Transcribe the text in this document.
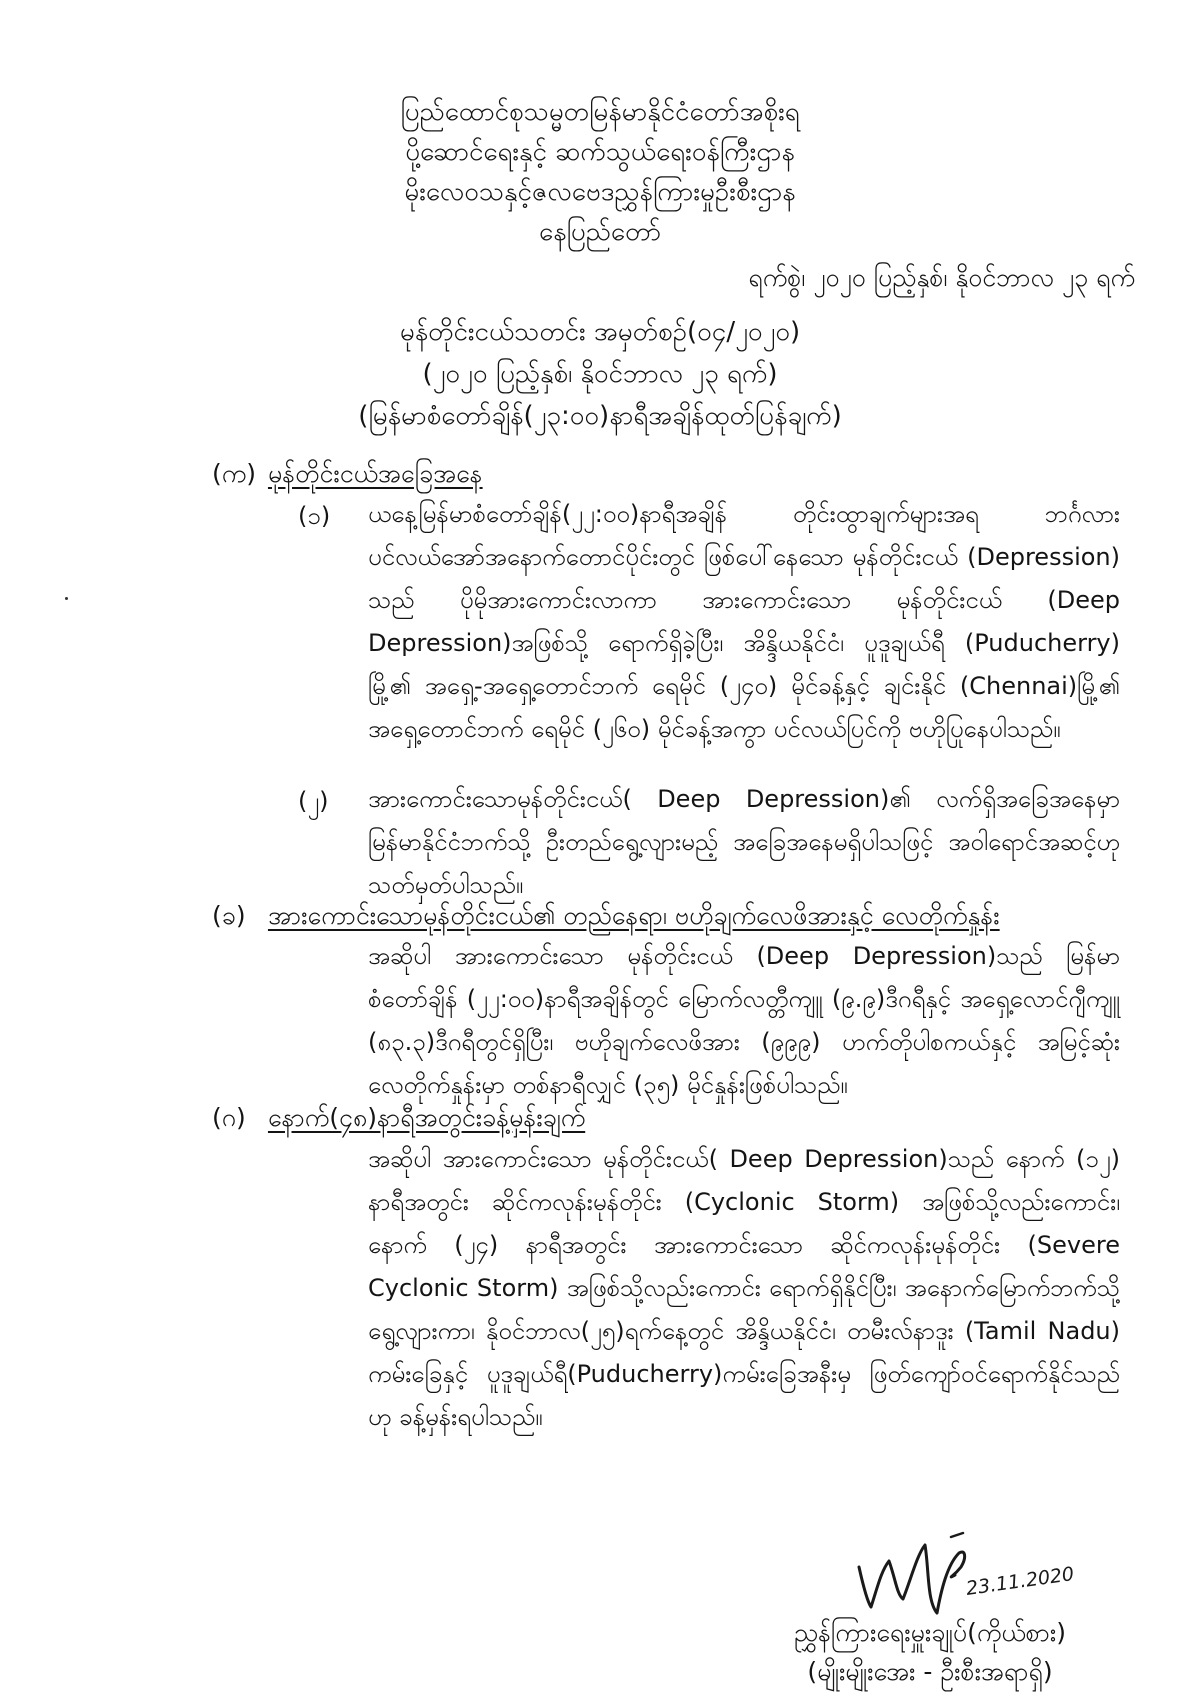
ပြည်ထောင်စုသမ္မတမြန်မာနိုင်ငံတော်အစိုးရ
ပို့ဆောင်ရေးနှင့် ဆက်သွယ်ရေးဝန်ကြီးဌာန
မိုးလေဝသနှင့်ဇလဗေဒညွှန်ကြားမှုဦးစီးဌာန
နေပြည်တော်
ရက်စွဲ၊ ၂၀၂၀ ပြည့်နှစ်၊ နိုဝင်ဘာလ ၂၃ ရက်
မုန်တိုင်းငယ်သတင်း အမှတ်စဉ်(၀၄/၂၀၂၀)
(၂၀၂၀ ပြည့်နှစ်၊ နိုဝင်ဘာလ ၂၃ ရက်)
(မြန်မာစံတော်ချိန်(၂၃:၀၀)နာရီအချိန်ထုတ်ပြန်ချက်)
(က) မုန်တိုင်းငယ်အခြေအနေ
(၁) ယနေ့မြန်မာစံတော်ချိန်(၂၂:၀၀)နာရီအချိန် တိုင်းထွာချက်များအရ ဘင်္ဂလားပင်လယ်အော်အနောက်တောင်ပိုင်းတွင် ဖြစ်ပေါ်နေသော မုန်တိုင်းငယ် (Depression) သည် ပိုမိုအားကောင်းလာကာ အားကောင်းသော မုန်တိုင်းငယ် (Deep Depression)အဖြစ်သို့ ရောက်ရှိခဲ့ပြီး၊ အိန္ဒိယနိုင်ငံ၊ ပူဒူချယ်ရီ (Puducherry) မြို့၏ အရှေ့-အရှေ့တောင်ဘက် ရေမိုင် (၂၄၀) မိုင်ခန့်နှင့် ချင်းနိုင် (Chennai)မြို့၏ အရှေ့တောင်ဘက် ရေမိုင် (၂၆၀) မိုင်ခန့်အကွာ ပင်လယ်ပြင်ကို ဗဟိုပြုနေပါသည်။
(၂) အားကောင်းသောမုန်တိုင်းငယ်( Deep Depression)၏ လက်ရှိအခြေအနေမှာ မြန်မာနိုင်ငံဘက်သို့ ဦးတည်ရွေ့လျားမည့် အခြေအနေမရှိပါသဖြင့် အဝါရောင်အဆင့်ဟု သတ်မှတ်ပါသည်။
(ခ) အားကောင်းသောမုန်တိုင်းငယ်၏ တည်နေရာ၊ ဗဟိုချက်လေဖိအားနှင့် လေတိုက်နှုန်း
အဆိုပါ အားကောင်းသော မုန်တိုင်းငယ် (Deep Depression)သည် မြန်မာစံတော်ချိန် (၂၂:၀၀)နာရီအချိန်တွင် မြောက်လတ္တီကျူ (၉.၉)ဒီဂရီနှင့် အရှေ့လောင်ဂျီကျူ (၈၃.၃)ဒီဂရီတွင်ရှိပြီး၊ ဗဟိုချက်လေဖိအား (၉၉၉) ဟက်တိုပါစကယ်နှင့် အမြင့်ဆုံးလေတိုက်နှုန်းမှာ တစ်နာရီလျှင် (၃၅) မိုင်နှုန်းဖြစ်ပါသည်။
(ဂ) နောက်(၄၈)နာရီအတွင်းခန့်မှန်းချက်
အဆိုပါ အားကောင်းသော မုန်တိုင်းငယ်( Deep Depression)သည် နောက် (၁၂) နာရီအတွင်း ဆိုင်ကလုန်းမုန်တိုင်း (Cyclonic Storm) အဖြစ်သို့လည်းကောင်း၊ နောက် (၂၄) နာရီအတွင်း အားကောင်းသော ဆိုင်ကလုန်းမုန်တိုင်း (Severe Cyclonic Storm) အဖြစ်သို့လည်းကောင်း ရောက်ရှိနိုင်ပြီး၊ အနောက်မြောက်ဘက်သို့ ရွေ့လျားကာ၊ နိုဝင်ဘာလ(၂၅)ရက်နေ့တွင် အိန္ဒိယနိုင်ငံ၊ တမီးလ်နာဒူး (Tamil Nadu) ကမ်းခြေနှင့် ပူဒူချယ်ရီ(Puducherry)ကမ်းခြေအနီးမှ ဖြတ်ကျော်ဝင်ရောက်နိုင်သည်ဟု ခန့်မှန်းရပါသည်။
23.11.2020
ညွှန်ကြားရေးမှူးချုပ်(ကိုယ်စား)
(မျိုးမျိုးအေး - ဦးစီးအရာရှိ)
